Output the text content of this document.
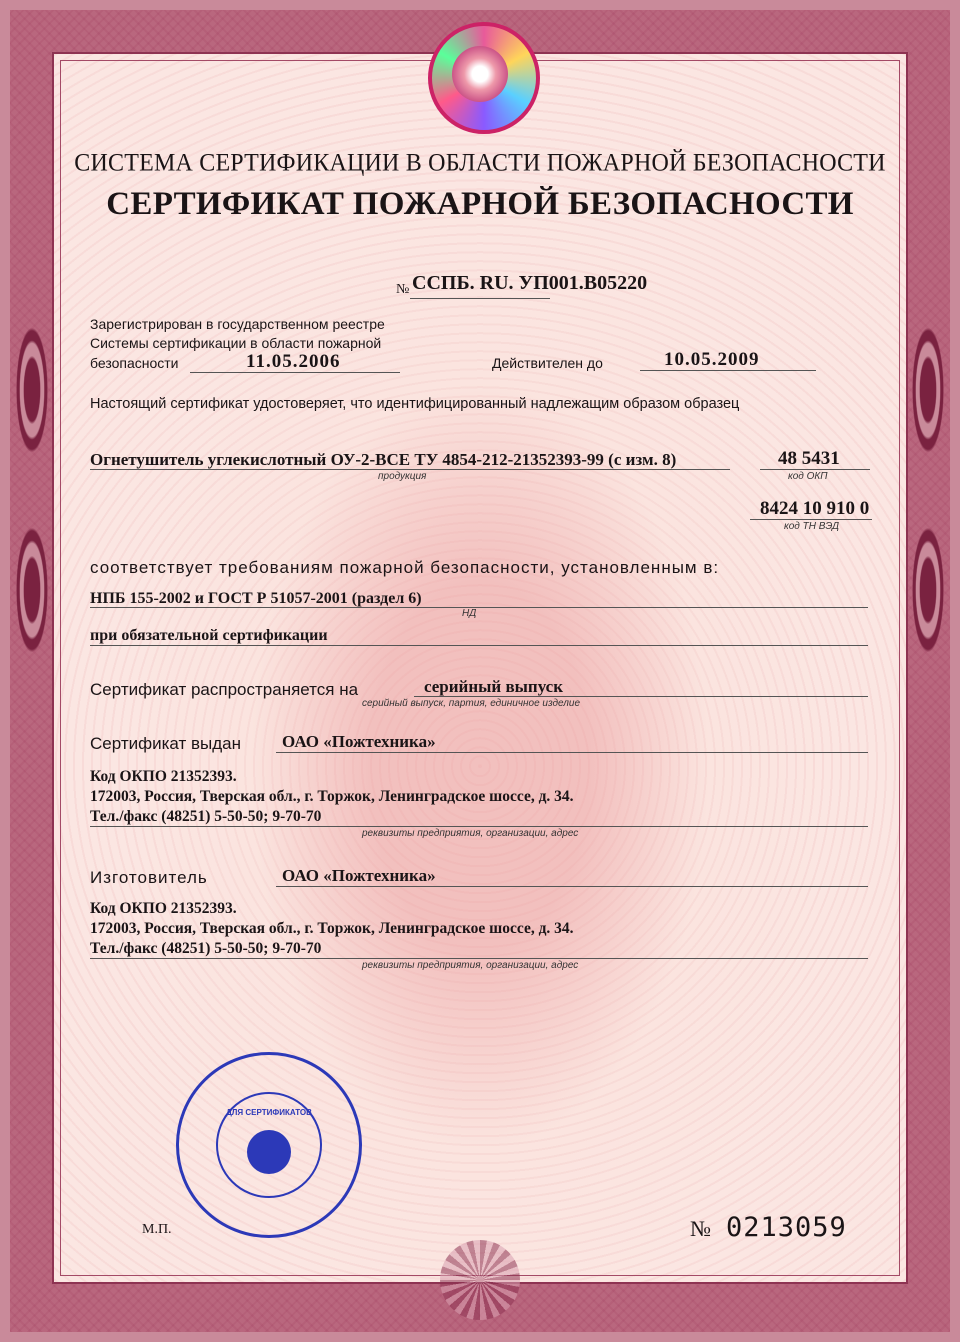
СИСТЕМА СЕРТИФИКАЦИИ В ОБЛАСТИ ПОЖАРНОЙ БЕЗОПАСНОСТИ
СЕРТИФИКАТ ПОЖАРНОЙ БЕЗОПАСНОСТИ
№ ССПБ. RU. УП001.В05220
Зарегистрирован в государственном реестре
Системы сертификации в области пожарной
безопасности	11.05.2006	Действителен до	10.05.2009
Настоящий сертификат удостоверяет, что идентифицированный надлежащим образом образец
Огнетушитель углекислотный ОУ-2-ВСЕ ТУ 4854-212-21352393-99 (с изм. 8)
продукция
48 5431
код ОКП
8424 10 910 0
код ТН ВЭД
соответствует требованиям пожарной безопасности, установленным в:
НПБ 155-2002 и ГОСТ Р 51057-2001 (раздел 6)
НД
при обязательной сертификации
Сертификат распространяется на	серийный выпуск
серийный выпуск, партия, единичное изделие
Сертификат выдан ОАО «Пожтехника»
Код ОКПО 21352393.
172003, Россия, Тверская обл., г. Торжок, Ленинградское шоссе, д. 34.
Тел./факс (48251) 5-50-50; 9-70-70
реквизиты предприятия, организации, адрес
Изготовитель	ОАО «Пожтехника»
Код ОКПО 21352393.
172003, Россия, Тверская обл., г. Торжок, Ленинградское шоссе, д. 34.
Тел./факс (48251) 5-50-50; 9-70-70
реквизиты предприятия, организации, адрес
ДЛЯ СЕРТИФИКАТОВ
М.П.	№ 0213059
